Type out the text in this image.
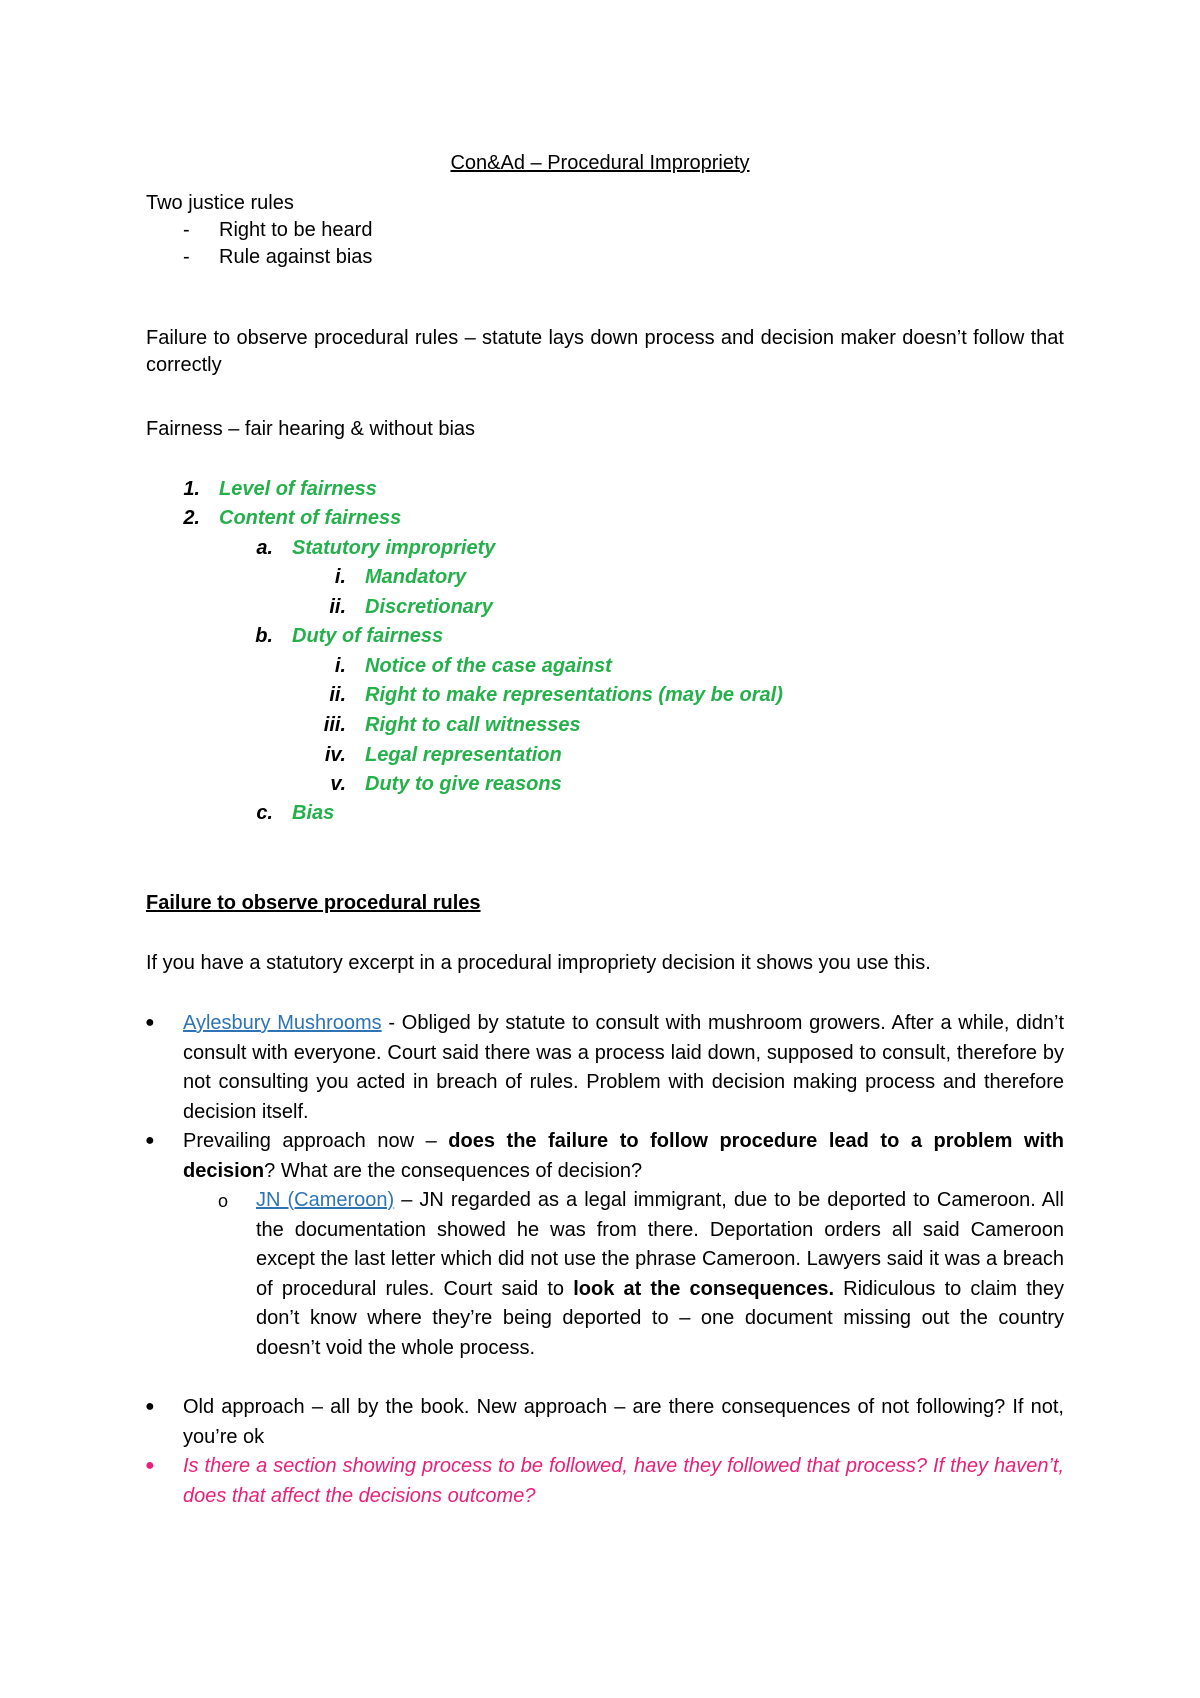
Con&Ad – Procedural Impropriety
Two justice rules
- Right to be heard
- Rule against bias
Failure to observe procedural rules – statute lays down process and decision maker doesn’t follow that correctly
Fairness – fair hearing & without bias
1. Level of fairness
2. Content of fairness
a. Statutory impropriety
i. Mandatory
ii. Discretionary
b. Duty of fairness
i. Notice of the case against
ii. Right to make representations (may be oral)
iii. Right to call witnesses
iv. Legal representation
v. Duty to give reasons
c. Bias
Failure to observe procedural rules
If you have a statutory excerpt in a procedural impropriety decision it shows you use this.
● Aylesbury Mushrooms - Obliged by statute to consult with mushroom growers. After a while, didn’t consult with everyone. Court said there was a process laid down, supposed to consult, therefore by not consulting you acted in breach of rules. Problem with decision making process and therefore decision itself.
● Prevailing approach now – does the failure to follow procedure lead to a problem with decision? What are the consequences of decision?
o JN (Cameroon) – JN regarded as a legal immigrant, due to be deported to Cameroon. All the documentation showed he was from there. Deportation orders all said Cameroon except the last letter which did not use the phrase Cameroon. Lawyers said it was a breach of procedural rules. Court said to look at the consequences. Ridiculous to claim they don’t know where they’re being deported to – one document missing out the country doesn’t void the whole process.
● Old approach – all by the book. New approach – are there consequences of not following? If not, you’re ok
● Is there a section showing process to be followed, have they followed that process? If they haven’t, does that affect the decisions outcome?
